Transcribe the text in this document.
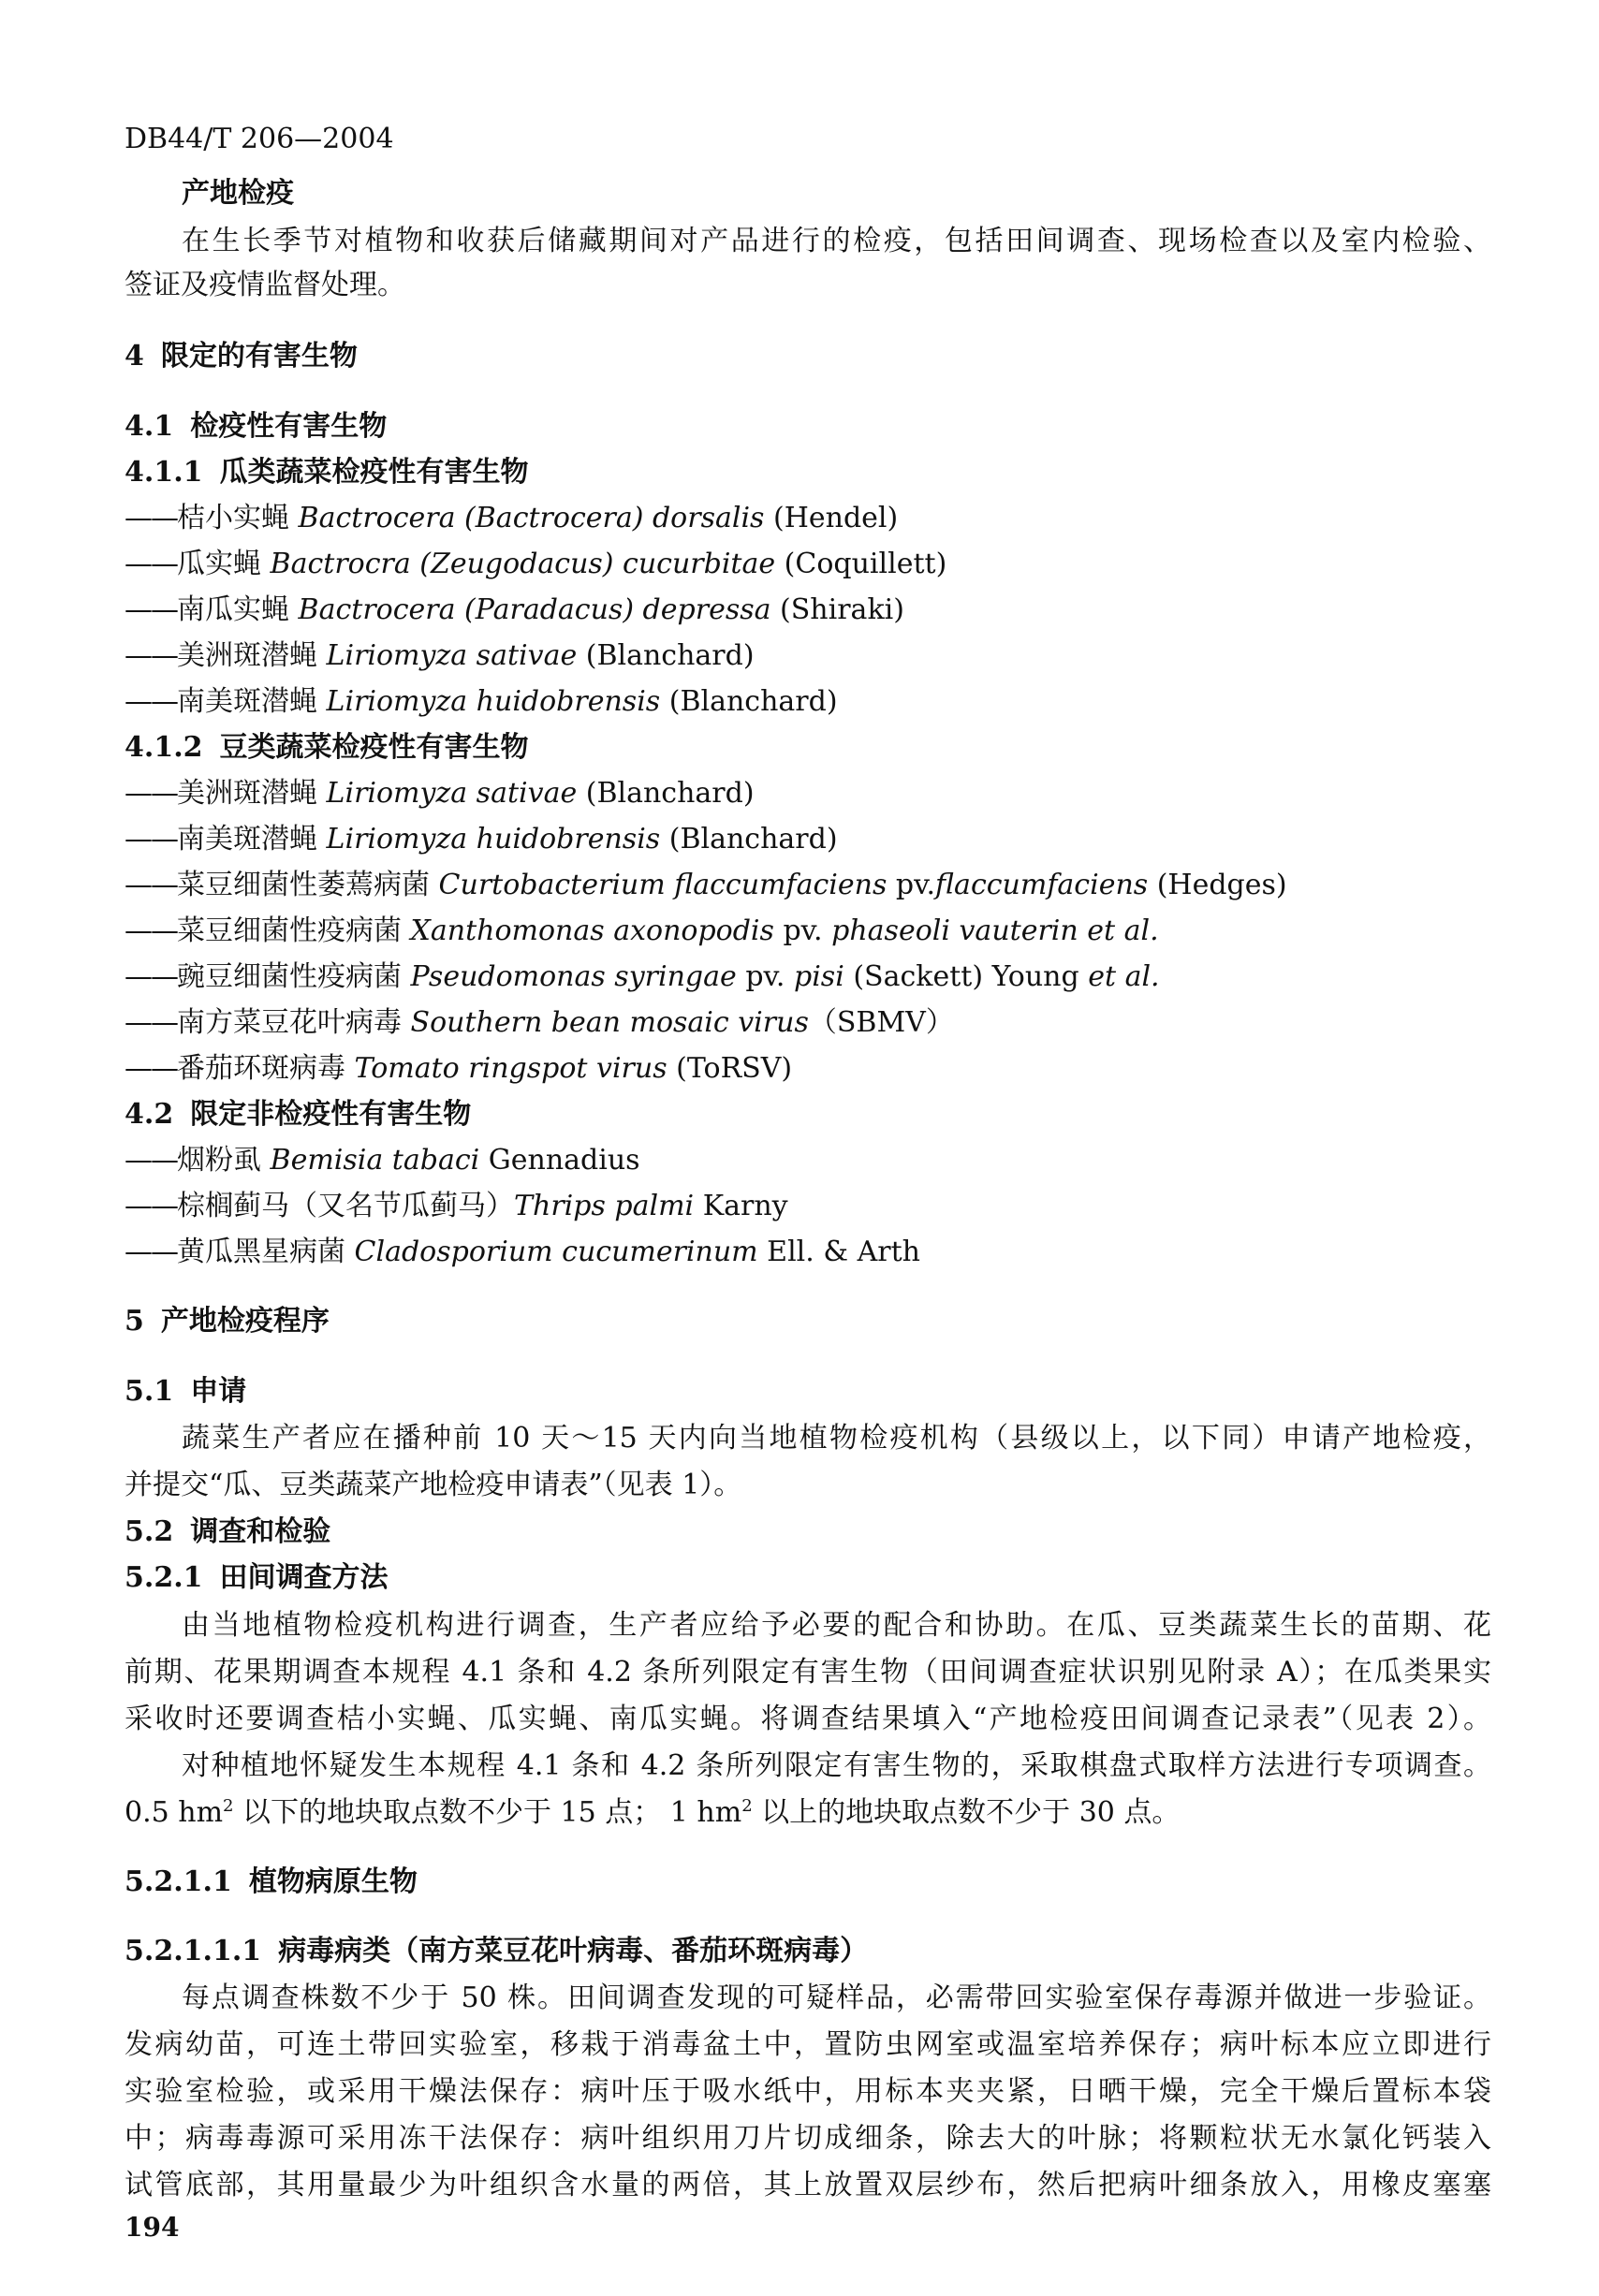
DB44/T 206—2004
产地检疫
在生长季节对植物和收获后储藏期间对产品进行的检疫，包括田间调查、现场检查以及室内检验、
签证及疫情监督处理。
4 限定的有害生物
4.1 检疫性有害生物
4.1.1 瓜类蔬菜检疫性有害生物
——桔小实蝇 Bactrocera (Bactrocera) dorsalis (Hendel)
——瓜实蝇 Bactrocra (Zeugodacus) cucurbitae (Coquillett)
——南瓜实蝇 Bactrocera (Paradacus) depressa (Shiraki)
——美洲斑潜蝇 Liriomyza sativae (Blanchard)
——南美斑潜蝇 Liriomyza huidobrensis (Blanchard)
4.1.2 豆类蔬菜检疫性有害生物
——美洲斑潜蝇 Liriomyza sativae (Blanchard)
——南美斑潜蝇 Liriomyza huidobrensis (Blanchard)
——菜豆细菌性萎蔫病菌 Curtobacterium flaccumfaciens pv.flaccumfaciens (Hedges)
——菜豆细菌性疫病菌 Xanthomonas axonopodis pv. phaseoli vauterin et al.
——豌豆细菌性疫病菌 Pseudomonas syringae pv. pisi (Sackett) Young et al.
——南方菜豆花叶病毒 Southern bean mosaic virus（SBMV）
——番茄环斑病毒 Tomato ringspot virus (ToRSV)
4.2 限定非检疫性有害生物
——烟粉虱 Bemisia tabaci Gennadius
——棕榈蓟马（又名节瓜蓟马）Thrips palmi Karny
——黄瓜黑星病菌 Cladosporium cucumerinum Ell. & Arth
5 产地检疫程序
5.1 申请
蔬菜生产者应在播种前 10 天～15 天内向当地植物检疫机构（县级以上，以下同）申请产地检疫，
并提交“瓜、豆类蔬菜产地检疫申请表”（见表 1）。
5.2 调查和检验
5.2.1 田间调查方法
由当地植物检疫机构进行调查，生产者应给予必要的配合和协助。在瓜、豆类蔬菜生长的苗期、花
前期、花果期调查本规程 4.1 条和 4.2 条所列限定有害生物（田间调查症状识别见附录 A）；在瓜类果实
采收时还要调查桔小实蝇、瓜实蝇、南瓜实蝇。将调查结果填入“产地检疫田间调查记录表”（见表 2）。
对种植地怀疑发生本规程 4.1 条和 4.2 条所列限定有害生物的，采取棋盘式取样方法进行专项调查。
0.5 $hm^2$ 以下的地块取点数不少于 15 点； 1 $hm^2$ 以上的地块取点数不少于 30 点。
5.2.1.1 植物病原生物
5.2.1.1.1 病毒病类（南方菜豆花叶病毒、番茄环斑病毒）
每点调查株数不少于 50 株。田间调查发现的可疑样品，必需带回实验室保存毒源并做进一步验证。
发病幼苗，可连土带回实验室，移栽于消毒盆土中，置防虫网室或温室培养保存；病叶标本应立即进行
实验室检验，或采用干燥法保存：病叶压于吸水纸中，用标本夹夹紧，日晒干燥，完全干燥后置标本袋
中；病毒毒源可采用冻干法保存：病叶组织用刀片切成细条，除去大的叶脉；将颗粒状无水氯化钙装入
试管底部，其用量最少为叶组织含水量的两倍，其上放置双层纱布，然后把病叶细条放入，用橡皮塞塞
194
